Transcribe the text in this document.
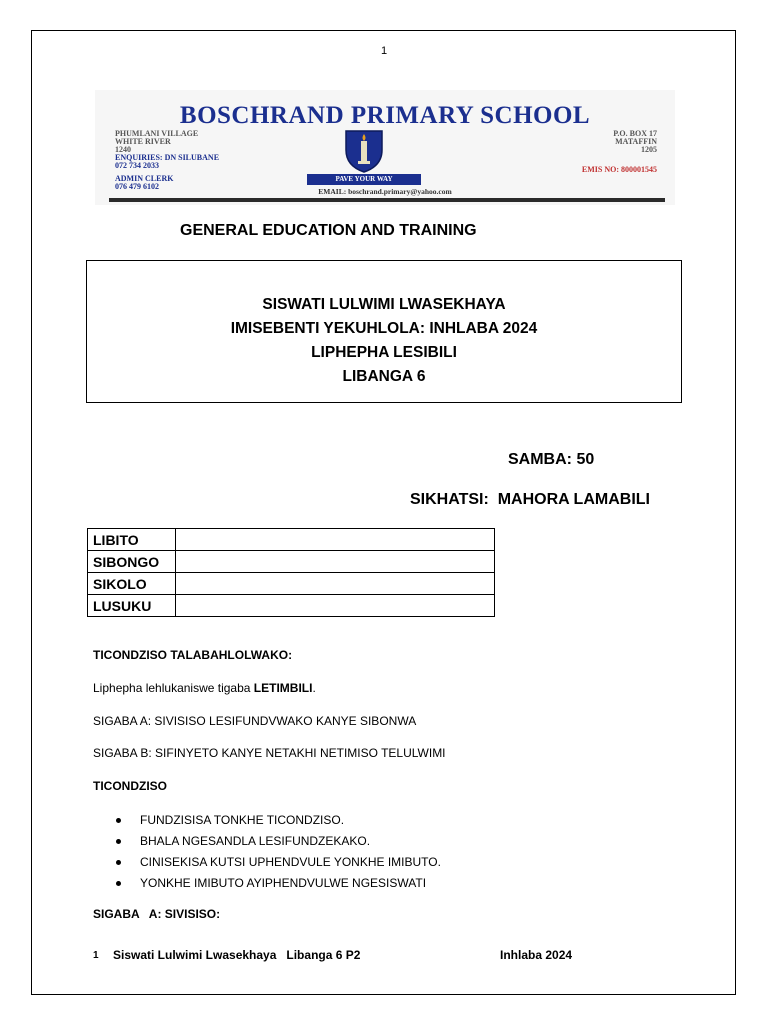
1
BOSCHRAND PRIMARY SCHOOL
PHUMLANI VILLAGE
WHITE RIVER
1240
ENQUIRIES: DN SILUBANE
072 734 2033
ADMIN CLERK
076 479 6102
P.O. BOX 17
MATAFFIN
1205
EMIS NO: 800001545
PAVE YOUR WAY
EMAIL: boschrand.primary@yahoo.com
GENERAL EDUCATION AND TRAINING
SISWATI LULWIMI LWASEKHAYA
IMISEBENTI YEKUHLOLA: INHLABA 2024
LIPHEPHA LESIBILI
LIBANGA 6
SAMBA: 50
SIKHATSI:  MAHORA LAMABILI
LIBITO	
SIBONGO	
SIKOLO	
LUSUKU	
TICONDZISO TALABAHLOLWAKO:
Liphepha lehlukaniswe tigaba LETIMBILI.
SIGABA A: SIVISISO LESIFUNDVWAKO KANYE SIBONWA
SIGABA B: SIFINYETO KANYE NETAKHI NETIMISO TELULWIMI
TICONDZISO
FUNDZISISA TONKHE TICONDZISO.
BHALA NGESANDLA LESIFUNDZEKAKO.
CINISEKISA KUTSI UPHENDVULE YONKHE IMIBUTO.
YONKHE IMIBUTO AYIPHENDVULWE NGESISWATI
SIGABA   A: SIVISISO:
1 Siswati Lulwimi Lwasekhaya   Libanga 6 P2	Inhlaba 2024
